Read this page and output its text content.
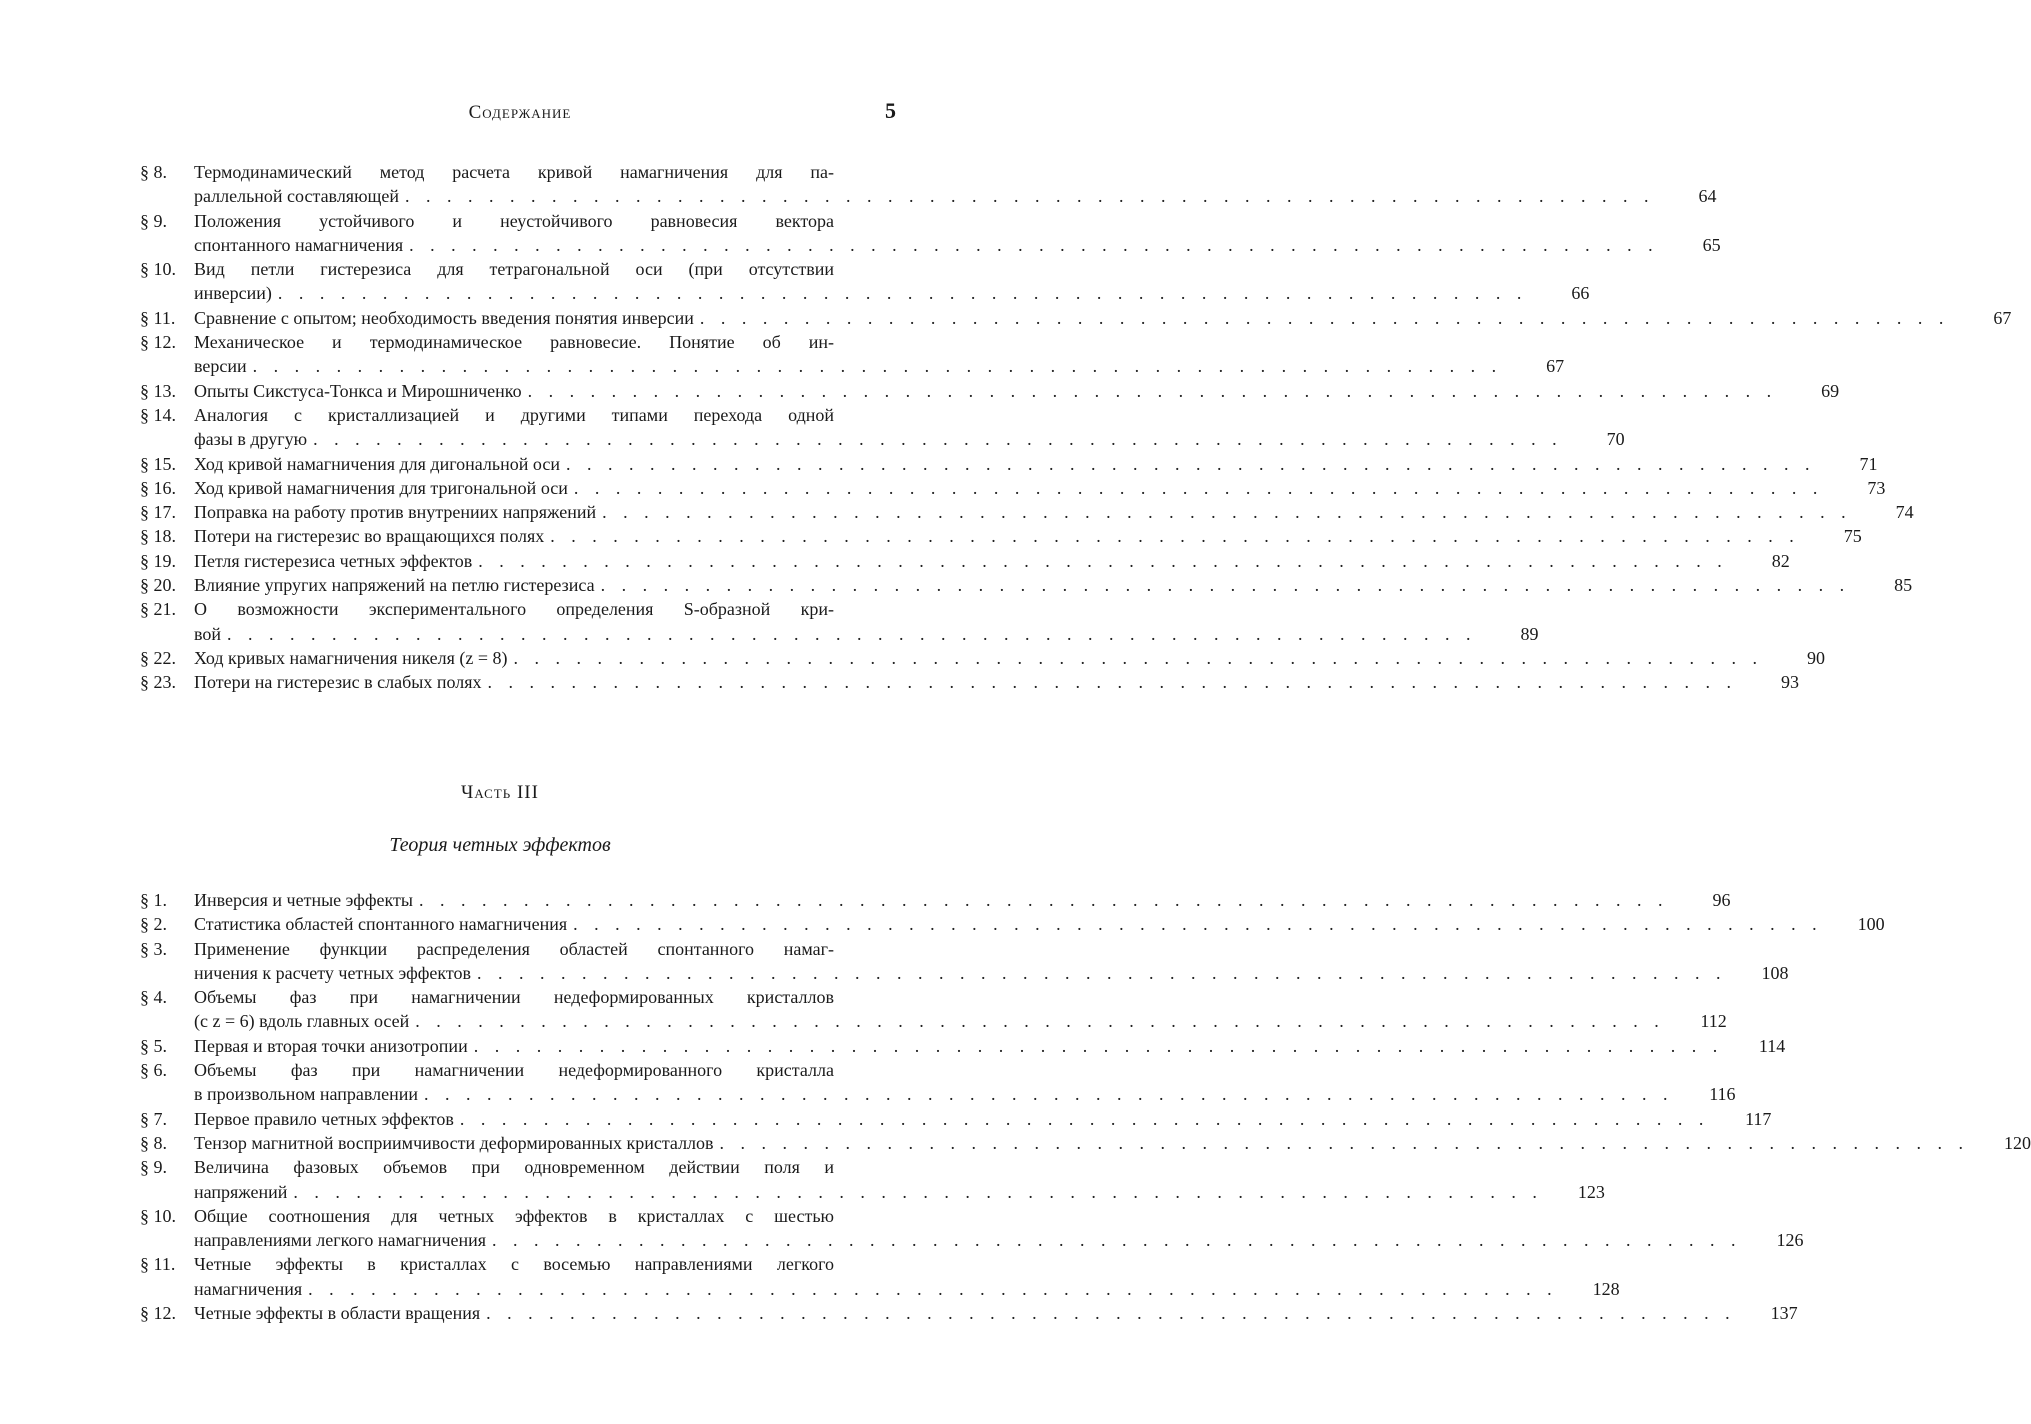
Содержание	5
§ 8.	Термодинамический метод расчета кривой намагничения для па-
раллельной составляющей . . . . . . . . . . . . . . . . . . . . . . . . . . . . . . . . . . . . . . . . . . . . . . . . . . . . . . . . . . . .	64
§ 9.	Положения устойчивого и неустойчивого равновесия вектора
спонтанного намагничения . . . . . . . . . . . . . . . . . . . . . . . . . . . . . . . . . . . . . . . . . . . . . . . . . . . . . . . . . . . .	65
§ 10.	Вид петли гистерезиса для тетрагональной оси (при отсутствии
инверсии) . . . . . . . . . . . . . . . . . . . . . . . . . . . . . . . . . . . . . . . . . . . . . . . . . . . . . . . . . . . .	66
§ 11.	Сравнение с опытом; необходимость введения понятия инверсии . . . . . . . . . . . . . . . . . . . . . . . . . . . . . . . . . . . . . . . . . . . . . . . . . . . . . . . . . . . .	67
§ 12.	Механическое и термодинамическое равновесие. Понятие об ин-
версии . . . . . . . . . . . . . . . . . . . . . . . . . . . . . . . . . . . . . . . . . . . . . . . . . . . . . . . . . . . .	67
§ 13.	Опыты Сикстуса-Тонкса и Мирошниченко . . . . . . . . . . . . . . . . . . . . . . . . . . . . . . . . . . . . . . . . . . . . . . . . . . . . . . . . . . . .	69
§ 14.	Аналогия с кристаллизацией и другими типами перехода одной
фазы в другую . . . . . . . . . . . . . . . . . . . . . . . . . . . . . . . . . . . . . . . . . . . . . . . . . . . . . . . . . . . .	70
§ 15.	Ход кривой намагничения для дигональной оси . . . . . . . . . . . . . . . . . . . . . . . . . . . . . . . . . . . . . . . . . . . . . . . . . . . . . . . . . . . .	71
§ 16.	Ход кривой намагничения для тригональной оси . . . . . . . . . . . . . . . . . . . . . . . . . . . . . . . . . . . . . . . . . . . . . . . . . . . . . . . . . . . .	73
§ 17.	Поправка на работу против внутрениих напряжений . . . . . . . . . . . . . . . . . . . . . . . . . . . . . . . . . . . . . . . . . . . . . . . . . . . . . . . . . . . .	74
§ 18.	Потери на гистерезис во вращающихся полях . . . . . . . . . . . . . . . . . . . . . . . . . . . . . . . . . . . . . . . . . . . . . . . . . . . . . . . . . . . .	75
§ 19.	Петля гистерезиса четных эффектов . . . . . . . . . . . . . . . . . . . . . . . . . . . . . . . . . . . . . . . . . . . . . . . . . . . . . . . . . . . .	82
§ 20.	Влияние упругих напряжений на петлю гистерезиса . . . . . . . . . . . . . . . . . . . . . . . . . . . . . . . . . . . . . . . . . . . . . . . . . . . . . . . . . . . .	85
§ 21.	О возможности экспериментального определения S-образной кри-
вой . . . . . . . . . . . . . . . . . . . . . . . . . . . . . . . . . . . . . . . . . . . . . . . . . . . . . . . . . . . .	89
§ 22.	Ход кривых намагничения никеля (z = 8) . . . . . . . . . . . . . . . . . . . . . . . . . . . . . . . . . . . . . . . . . . . . . . . . . . . . . . . . . . . .	90
§ 23.	Потери на гистерезис в слабых полях . . . . . . . . . . . . . . . . . . . . . . . . . . . . . . . . . . . . . . . . . . . . . . . . . . . . . . . . . . . .	93
Часть III
Теория четных эффектов
§ 1.	Инверсия и четные эффекты . . . . . . . . . . . . . . . . . . . . . . . . . . . . . . . . . . . . . . . . . . . . . . . . . . . . . . . . . . . .	96
§ 2.	Статистика областей спонтанного намагничения . . . . . . . . . . . . . . . . . . . . . . . . . . . . . . . . . . . . . . . . . . . . . . . . . . . . . . . . . . . .	100
§ 3.	Применение функции распределения областей спонтанного намаг-
ничения к расчету четных эффектов . . . . . . . . . . . . . . . . . . . . . . . . . . . . . . . . . . . . . . . . . . . . . . . . . . . . . . . . . . . .	108
§ 4.	Объемы фаз при намагничении недеформированных кристаллов
(с z = 6) вдоль главных осей . . . . . . . . . . . . . . . . . . . . . . . . . . . . . . . . . . . . . . . . . . . . . . . . . . . . . . . . . . . .	112
§ 5.	Первая и вторая точки анизотропии . . . . . . . . . . . . . . . . . . . . . . . . . . . . . . . . . . . . . . . . . . . . . . . . . . . . . . . . . . . .	114
§ 6.	Объемы фаз при намагничении недеформированного кристалла
в произвольном направлении . . . . . . . . . . . . . . . . . . . . . . . . . . . . . . . . . . . . . . . . . . . . . . . . . . . . . . . . . . . .	116
§ 7.	Первое правило четных эффектов . . . . . . . . . . . . . . . . . . . . . . . . . . . . . . . . . . . . . . . . . . . . . . . . . . . . . . . . . . . .	117
§ 8.	Тензор магнитной восприимчивости деформированных кристаллов . . . . . . . . . . . . . . . . . . . . . . . . . . . . . . . . . . . . . . . . . . . . . . . . . . . . . . . . . . . .	120
§ 9.	Величина фазовых объемов при одновременном действии поля и
напряжений . . . . . . . . . . . . . . . . . . . . . . . . . . . . . . . . . . . . . . . . . . . . . . . . . . . . . . . . . . . .	123
§ 10.	Общие соотношения для четных эффектов в кристаллах с шестью
направлениями легкого намагничения . . . . . . . . . . . . . . . . . . . . . . . . . . . . . . . . . . . . . . . . . . . . . . . . . . . . . . . . . . . .	126
§ 11.	Четные эффекты в кристаллах с восемью направлениями легкого
намагничения . . . . . . . . . . . . . . . . . . . . . . . . . . . . . . . . . . . . . . . . . . . . . . . . . . . . . . . . . . . .	128
§ 12.	Четные эффекты в области вращения . . . . . . . . . . . . . . . . . . . . . . . . . . . . . . . . . . . . . . . . . . . . . . . . . . . . . . . . . . . .	137
